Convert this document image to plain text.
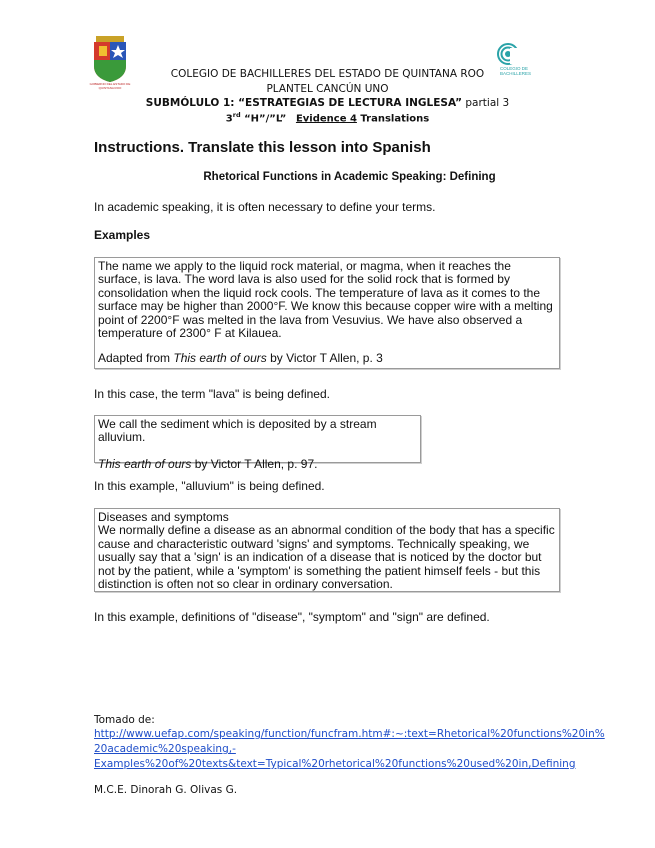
GOBIERNO DEL ESTADO DE QUINTANA ROO
COLEGIO DE BACHILLERES
COLEGIO DE BACHILLERES DEL ESTADO DE QUINTANA ROO
PLANTEL CANCÚN UNO
SUBMÓLULO 1: “ESTRATEGIAS DE LECTURA INGLESA” partial 3
3rd “H”/”L” Evidence 4 Translations
Instructions. Translate this lesson into Spanish
Rhetorical Functions in Academic Speaking: Defining
In academic speaking, it is often necessary to define your terms.
Examples
The name we apply to the liquid rock material, or magma, when it reaches the surface, is lava. The word lava is also used for the solid rock that is formed by consolidation when the liquid rock cools. The temperature of lava as it comes to the surface may be higher than 2000°F. We know this because copper wire with a melting point of 2200°F was melted in the lava from Vesuvius. We have also observed a temperature of 2300° F at Kilauea.
Adapted from This earth of ours by Victor T Allen, p. 3
In this case, the term "lava" is being defined.
We call the sediment which is deposited by a stream alluvium.
This earth of ours by Victor T Allen, p. 97.
In this example, "alluvium" is being defined.
Diseases and symptoms
We normally define a disease as an abnormal condition of the body that has a specific cause and characteristic outward 'signs' and symptoms. Technically speaking, we usually say that a 'sign' is an indication of a disease that is noticed by the doctor but not by the patient, while a 'symptom' is something the patient himself feels - but this distinction is often not so clear in ordinary conversation.
In this example, definitions of "disease", "symptom" and "sign" are defined.
Tomado de:
http://www.uefap.com/speaking/function/funcfram.htm#:~:text=Rhetorical%20functions%20in%
20academic%20speaking,-
Examples%20of%20texts&text=Typical%20rhetorical%20functions%20used%20in,Defining
M.C.E. Dinorah G. Olivas G.
